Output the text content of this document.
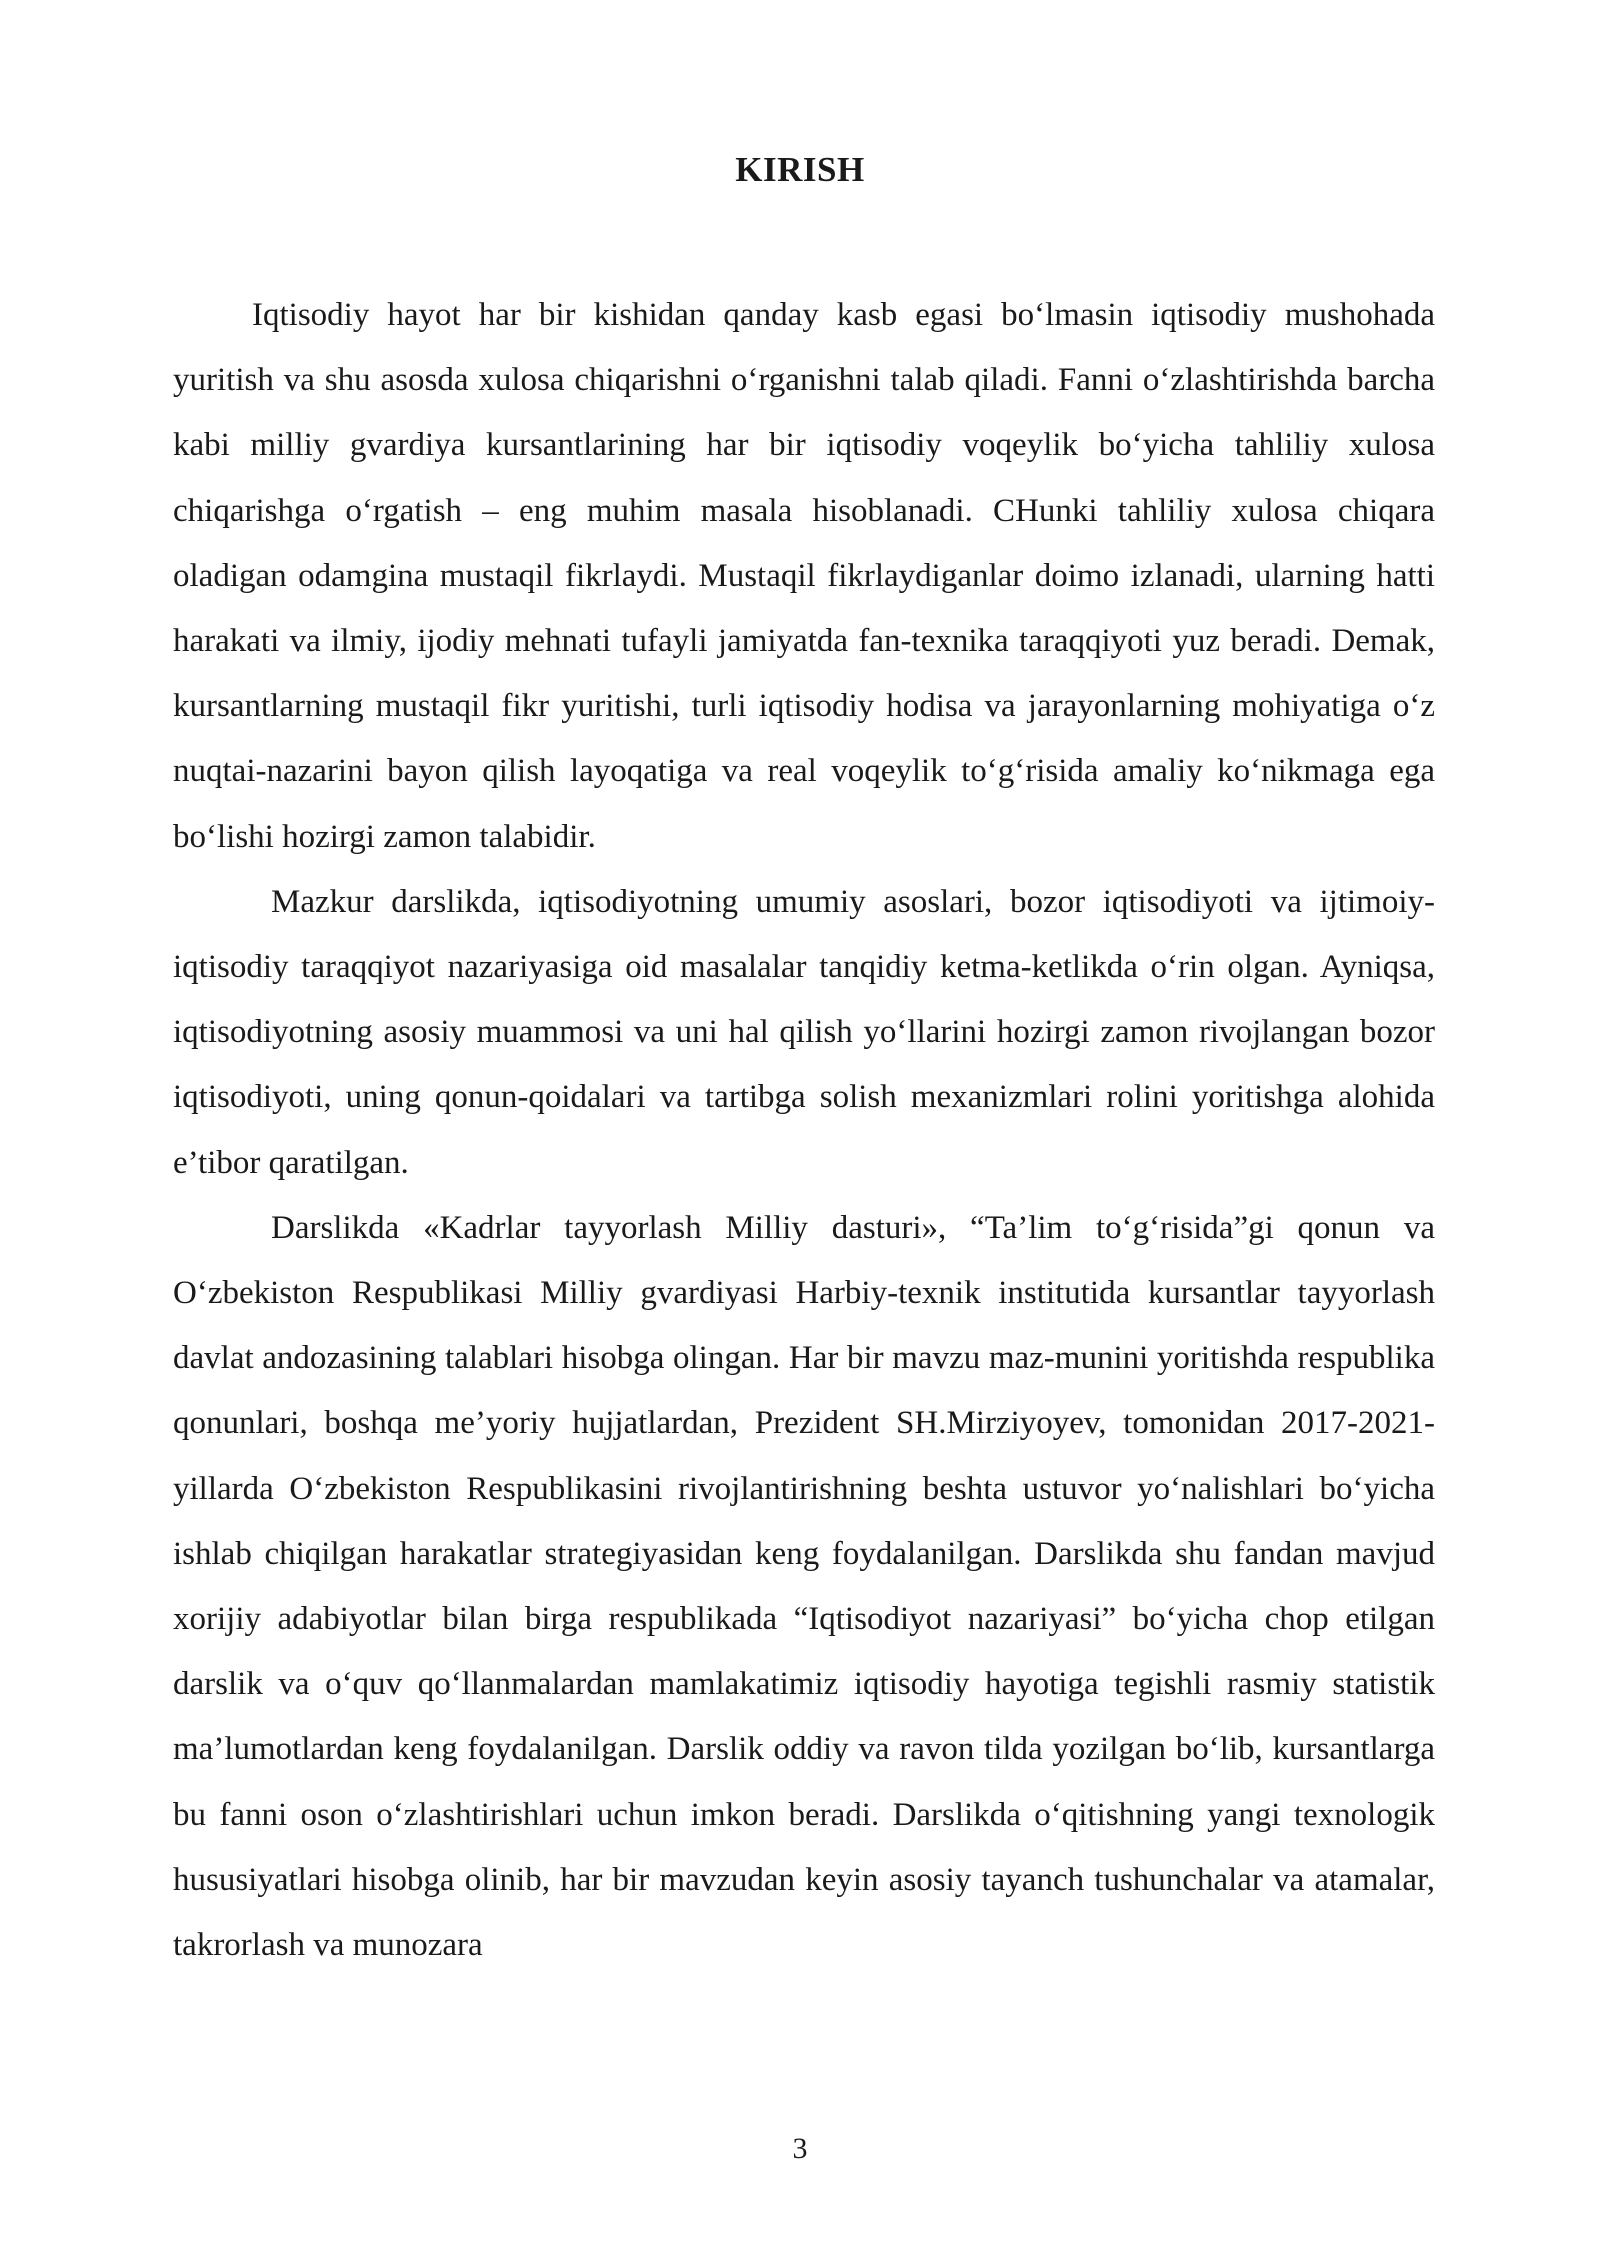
KIRISH

Iqtisodiy hayot har bir kishidan qanday kasb egasi bo‘lmasin iqtisodiy mushohada yuritish va shu asosda xulosa chiqarishni o‘rganishni talab qiladi. Fanni o‘zlashtirishda barcha kabi milliy gvardiya kursantlarining har bir iqtisodiy voqeylik bo‘yicha tahliliy xulosa chiqarishga o‘rgatish – eng muhim masala hisoblanadi. CHunki tahliliy xulosa chiqara oladigan odamgina mustaqil fikrlaydi. Mustaqil fikrlaydiganlar doimo izlanadi, ularning hatti harakati va ilmiy, ijodiy mehnati tufayli jamiyatda fan-texnika taraqqiyoti yuz beradi. Demak, kursantlarning mustaqil fikr yuritishi, turli iqtisodiy hodisa va jarayonlarning mohiyatiga o‘z nuqtai-nazarini bayon qilish layoqatiga va real voqeylik to‘g‘risida amaliy ko‘nikmaga ega bo‘lishi hozirgi zamon talabidir.

Mazkur darslikda, iqtisodiyotning umumiy asoslari, bozor iqtisodiyoti va ijtimoiy-iqtisodiy taraqqiyot nazariyasiga oid masalalar tanqidiy ketma-ketlikda o‘rin olgan. Ayniqsa, iqtisodiyotning asosiy muammosi va uni hal qilish yo‘llarini hozirgi zamon rivojlangan bozor iqtisodiyoti, uning qonun-qoidalari va tartibga solish mexanizmlari rolini yoritishga alohida e’tibor qaratilgan.

Darslikda «Kadrlar tayyorlash Milliy dasturi», “Ta’lim to‘g‘risida”gi qonun va O‘zbekiston Respublikasi Milliy gvardiyasi Harbiy-texnik institutida kursantlar tayyorlash davlat andozasining talablari hisobga olingan. Har bir mavzu maz-munini yoritishda respublika qonunlari, boshqa me’yoriy hujjatlardan, Prezident SH.Mirziyoyev, tomonidan 2017-2021-yillarda O‘zbekiston Respublikasini rivojlantirishning beshta ustuvor yo‘nalishlari bo‘yicha ishlab chiqilgan harakatlar strategiyasidan keng foydalanilgan. Darslikda shu fandan mavjud xorijiy adabiyotlar bilan birga respublikada “Iqtisodiyot nazariyasi” bo‘yicha chop etilgan darslik va o‘quv qo‘llanmalardan mamlakatimiz iqtisodiy hayotiga tegishli rasmiy statistik ma’lumotlardan keng foydalanilgan. Darslik oddiy va ravon tilda yozilgan bo‘lib, kursantlarga bu fanni oson o‘zlashtirishlari uchun imkon beradi. Darslikda o‘qitishning yangi texnologik hususiyatlari hisobga olinib, har bir mavzudan keyin asosiy tayanch tushunchalar va atamalar, takrorlash va munozara

3
